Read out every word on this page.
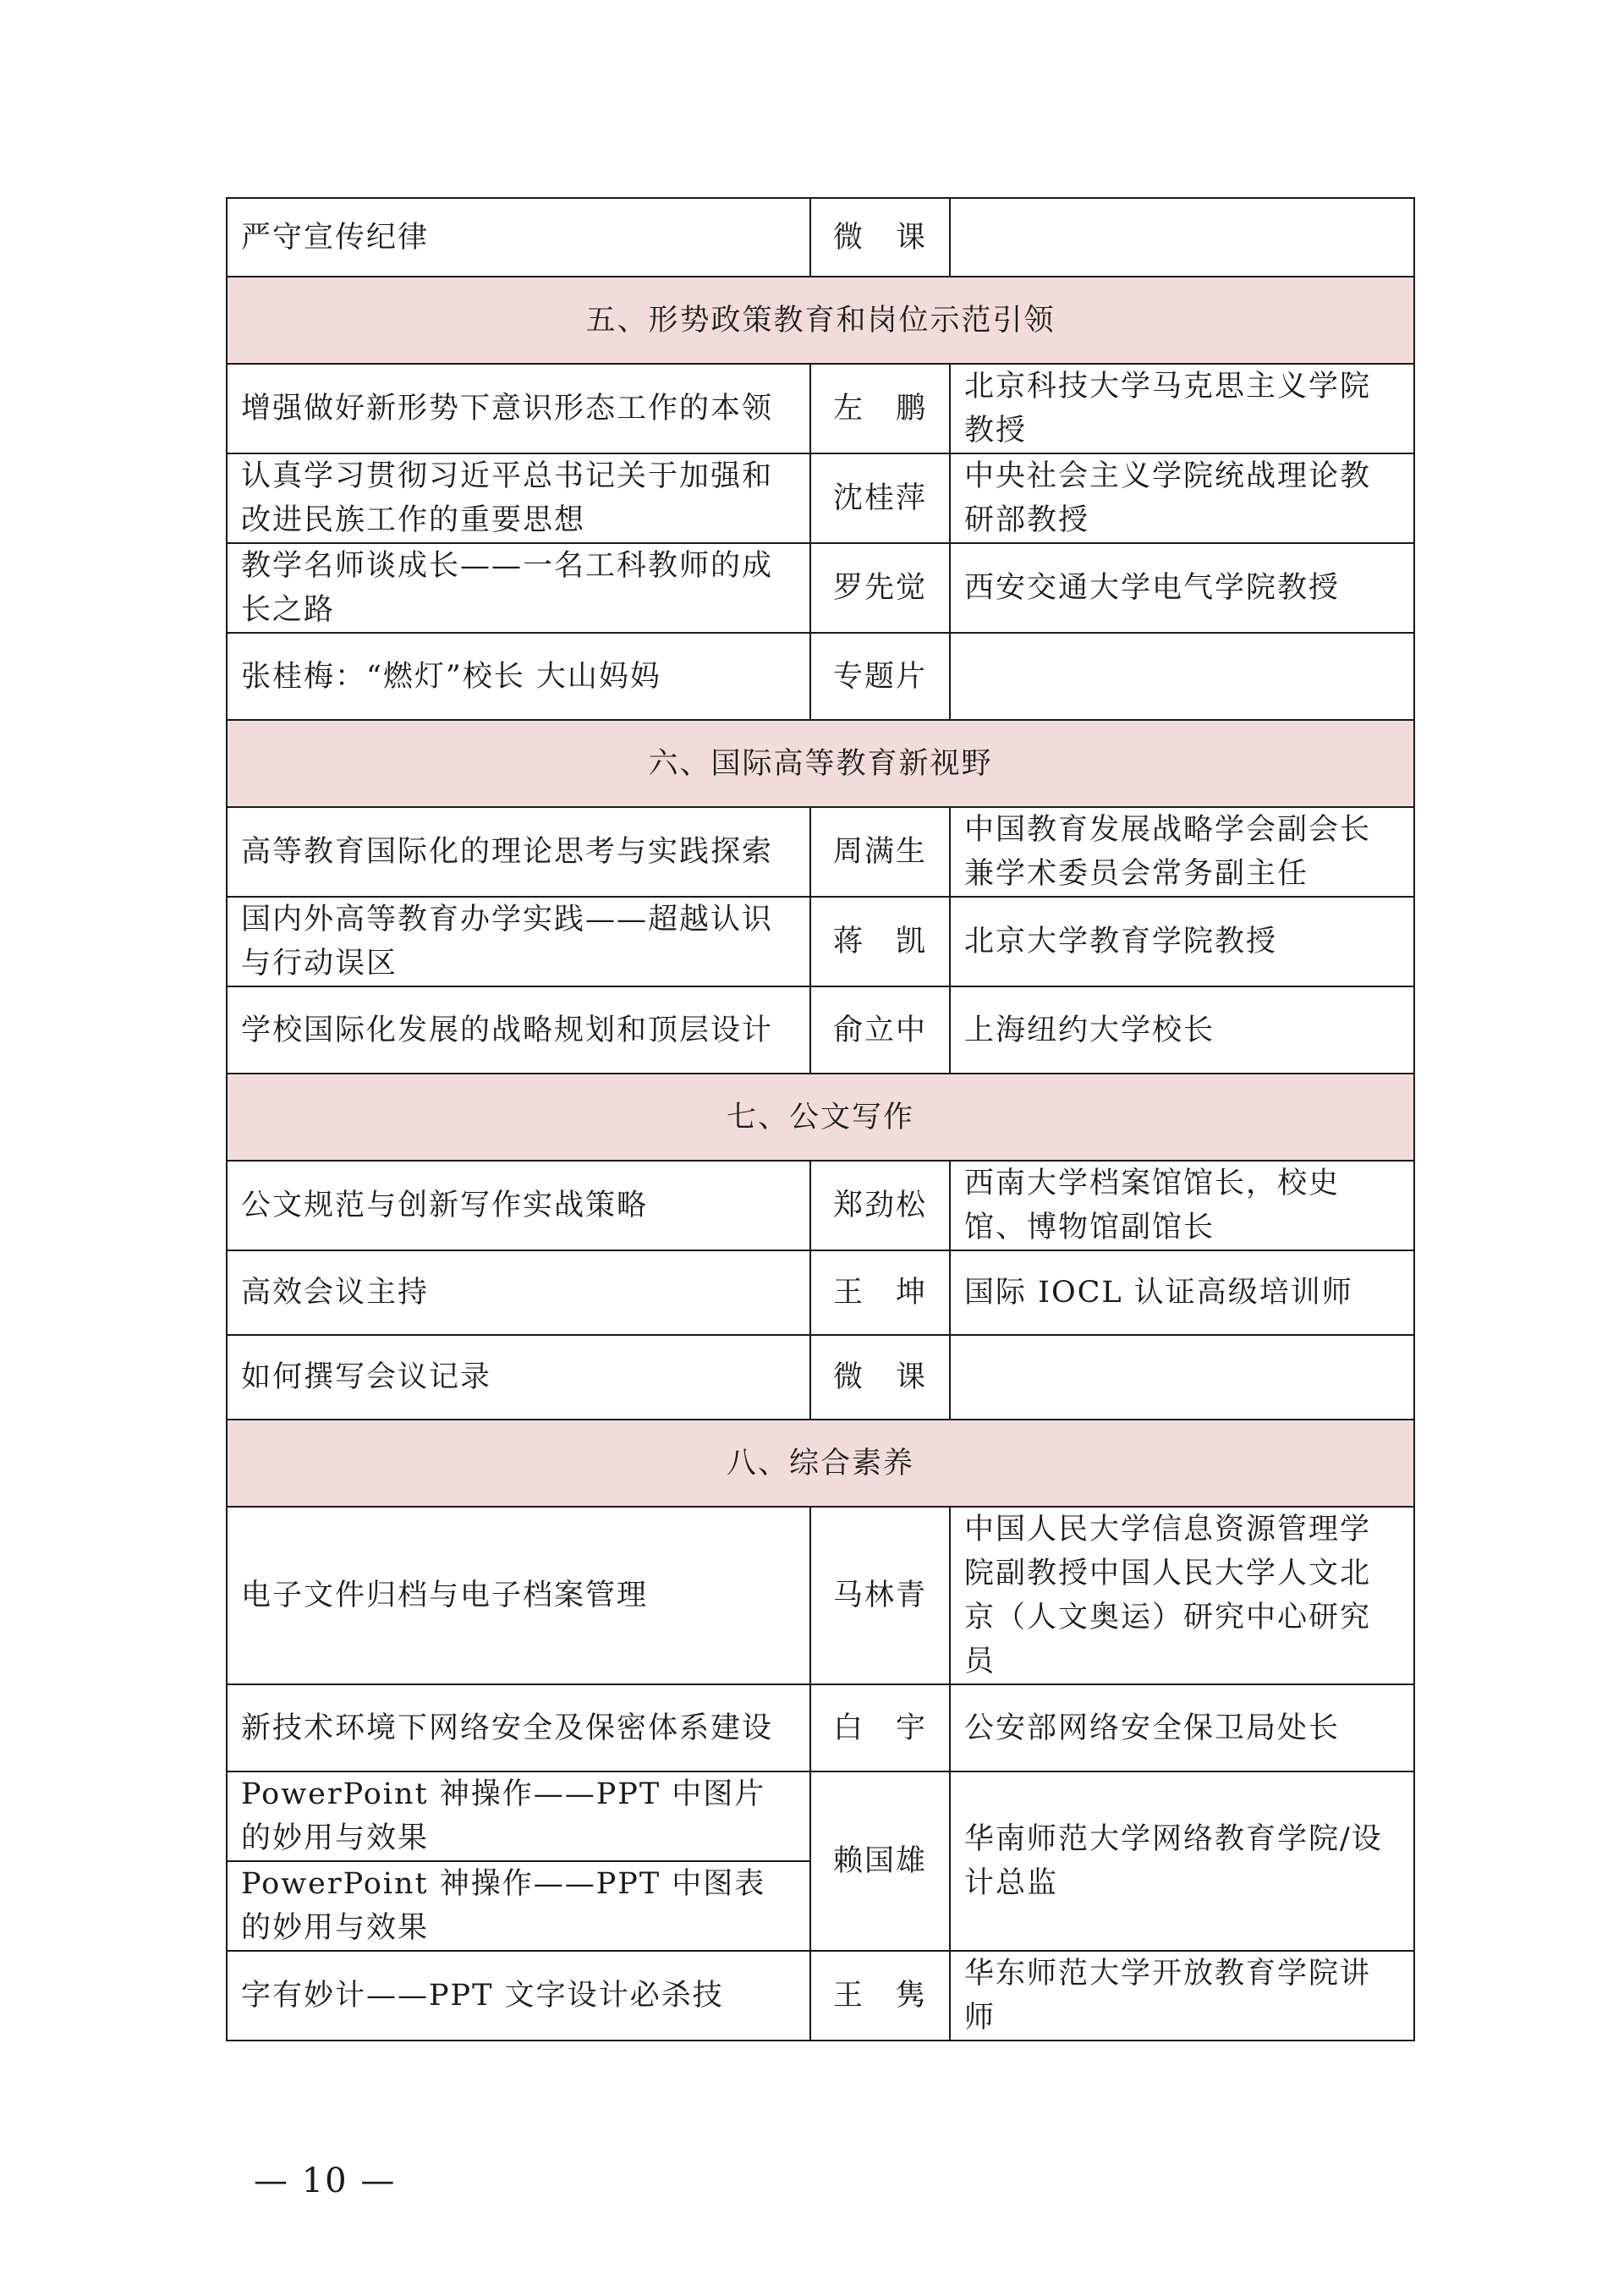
严守宣传纪律	微　课	
五、形势政策教育和岗位示范引领		
增强做好新形势下意识形态工作的本领	左　鹏	北京科技大学马克思主义学院教授
认真学习贯彻习近平总书记关于加强和改进民族工作的重要思想	沈桂萍	中央社会主义学院统战理论教研部教授
教学名师谈成长——一名工科教师的成长之路	罗先觉	西安交通大学电气学院教授
张桂梅：“燃灯”校长 大山妈妈	专题片	
六、国际高等教育新视野		
高等教育国际化的理论思考与实践探索	周满生	中国教育发展战略学会副会长兼学术委员会常务副主任
国内外高等教育办学实践——超越认识与行动误区	蒋　凯	北京大学教育学院教授
学校国际化发展的战略规划和顶层设计	俞立中	上海纽约大学校长
七、公文写作		
公文规范与创新写作实战策略	郑劲松	西南大学档案馆馆长，校史馆、博物馆副馆长
高效会议主持	王　坤	国际 IOCL 认证高级培训师
如何撰写会议记录	微　课	
八、综合素养		
电子文件归档与电子档案管理	马林青	中国人民大学信息资源管理学院副教授中国人民大学人文北京（人文奥运）研究中心研究员
新技术环境下网络安全及保密体系建设	白　宇	公安部网络安全保卫局处长
PowerPoint 神操作——PPT 中图片的妙用与效果	赖国雄	华南师范大学网络教育学院/设计总监
PowerPoint 神操作——PPT 中图表的妙用与效果		
字有妙计——PPT 文字设计必杀技	王　隽	华东师范大学开放教育学院讲师
— 10 —
